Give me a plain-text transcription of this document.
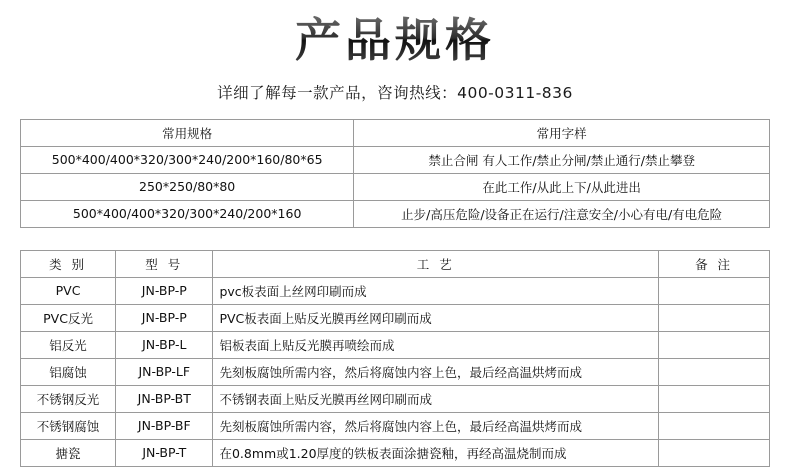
产品规格
详细了解每一款产品，咨询热线：400-0311-836
常用规格	常用字样
500*400/400*320/300*240/200*160/80*65	禁止合闸 有人工作/禁止分闸/禁止通行/禁止攀登
250*250/80*80	在此工作/从此上下/从此进出
500*400/400*320/300*240/200*160	止步/高压危险/设备正在运行/注意安全/小心有电/有电危险
类 别	型 号	工 艺	备 注
PVC	JN-BP-P	pvc板表面上丝网印刷而成	
PVC反光	JN-BP-P	PVC板表面上贴反光膜再丝网印刷而成	
铝反光	JN-BP-L	铝板表面上贴反光膜再喷绘而成	
铝腐蚀	JN-BP-LF	先刻板腐蚀所需内容，然后将腐蚀内容上色，最后经高温烘烤而成	
不锈钢反光	JN-BP-BT	不锈钢表面上贴反光膜再丝网印刷而成	
不锈钢腐蚀	JN-BP-BF	先刻板腐蚀所需内容，然后将腐蚀内容上色，最后经高温烘烤而成	
搪瓷	JN-BP-T	在0.8mm或1.20厚度的铁板表面涂搪瓷釉，再经高温烧制而成	
